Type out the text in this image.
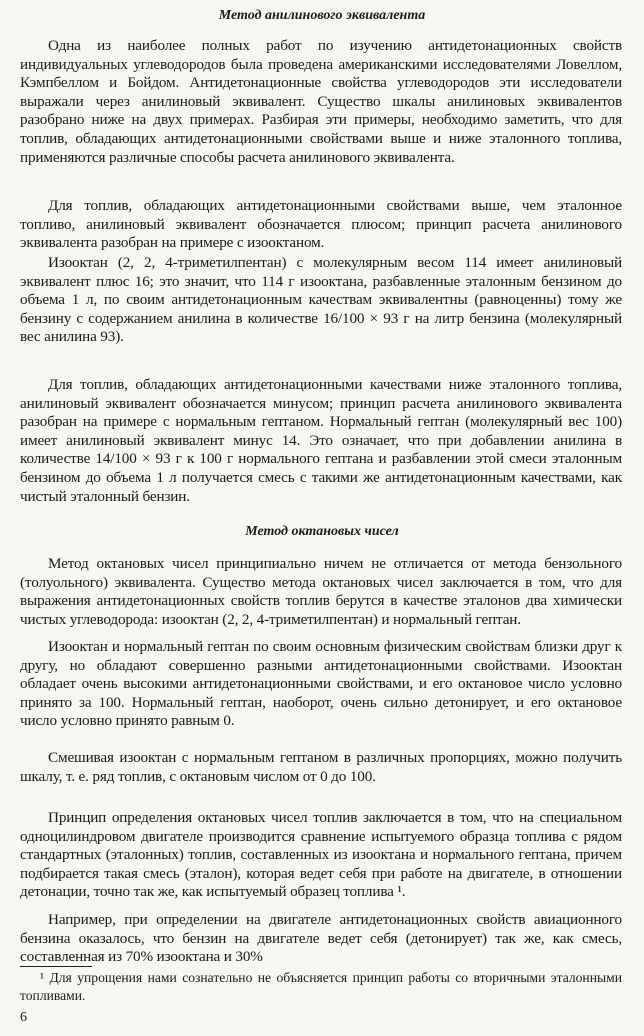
Метод анилинового эквивалента

Одна из наиболее полных работ по изучению антидетонационных свойств индивидуальных углеводородов была проведена американскими исследователями Ловеллом, Кэмпбеллом и Бойдом. Антидетонационные свойства углеводородов эти исследователи выражали через анилиновый эквивалент. Существо шкалы анилиновых эквивалентов разобрано ниже на двух примерах. Разбирая эти примеры, необходимо заметить, что для топлив, обладающих антидетонационными свойствами выше и ниже эталонного топлива, применяются различные способы расчета анилинового эквивалента.

Для топлив, обладающих антидетонационными свойствами выше, чем эталонное топливо, анилиновый эквивалент обозначается плюсом; принцип расчета анилинового эквивалента разобран на примере с изооктаном.

Изооктан (2, 2, 4-триметилпентан) с молекулярным весом 114 имеет анилиновый эквивалент плюс 16; это значит, что 114 г изооктана, разбавленные эталонным бензином до объема 1 л, по своим антидетонационным качествам эквивалентны (равноценны) тому же бензину с содержанием анилина в количестве 16/100 × 93 г на литр бензина (молекулярный вес анилина 93).

Для топлив, обладающих антидетонационными качествами ниже эталонного топлива, анилиновый эквивалент обозначается минусом; принцип расчета анилинового эквивалента разобран на примере с нормальным гептаном. Нормальный гептан (молекулярный вес 100) имеет анилиновый эквивалент минус 14. Это означает, что при добавлении анилина в количестве 14/100 × 93 г к 100 г нормального гептана и разбавлении этой смеси эталонным бензином до объема 1 л получается смесь с такими же антидетонационным качествами, как чистый эталонный бензин.

Метод октановых чисел

Метод октановых чисел принципиально ничем не отличается от метода бензольного (толуольного) эквивалента. Существо метода октановых чисел заключается в том, что для выражения антидетонационных свойств топлив берутся в качестве эталонов два химически чистых углеводорода: изооктан (2, 2, 4-триметилпентан) и нормальный гептан.

Изооктан и нормальный гептан по своим основным физическим свойствам близки друг к другу, но обладают совершенно разными антидетонационными свойствами. Изооктан обладает очень высокими антидетонационными свойствами, и его октановое число условно принято за 100. Нормальный гептан, наоборот, очень сильно детонирует, и его октановое число условно принято равным 0.

Смешивая изооктан с нормальным гептаном в различных пропорциях, можно получить шкалу, т. е. ряд топлив, с октановым числом от 0 до 100.

Принцип определения октановых чисел топлив заключается в том, что на специальном одноцилиндровом двигателе производится сравнение испытуемого образца топлива с рядом стандартных (эталонных) топлив, составленных из изооктана и нормального гептана, причем подбирается такая смесь (эталон), которая ведет себя при работе на двигателе, в отношении детонации, точно так же, как испытуемый образец топлива ¹.

Например, при определении на двигателе антидетонационных свойств авиационного бензина оказалось, что бензин на двигателе ведет себя (детонирует) так же, как смесь, составленная из 70% изооктана и 30%

¹ Для упрощения нами сознательно не объясняется принцип работы со вторичными эталонными топливами.

6
